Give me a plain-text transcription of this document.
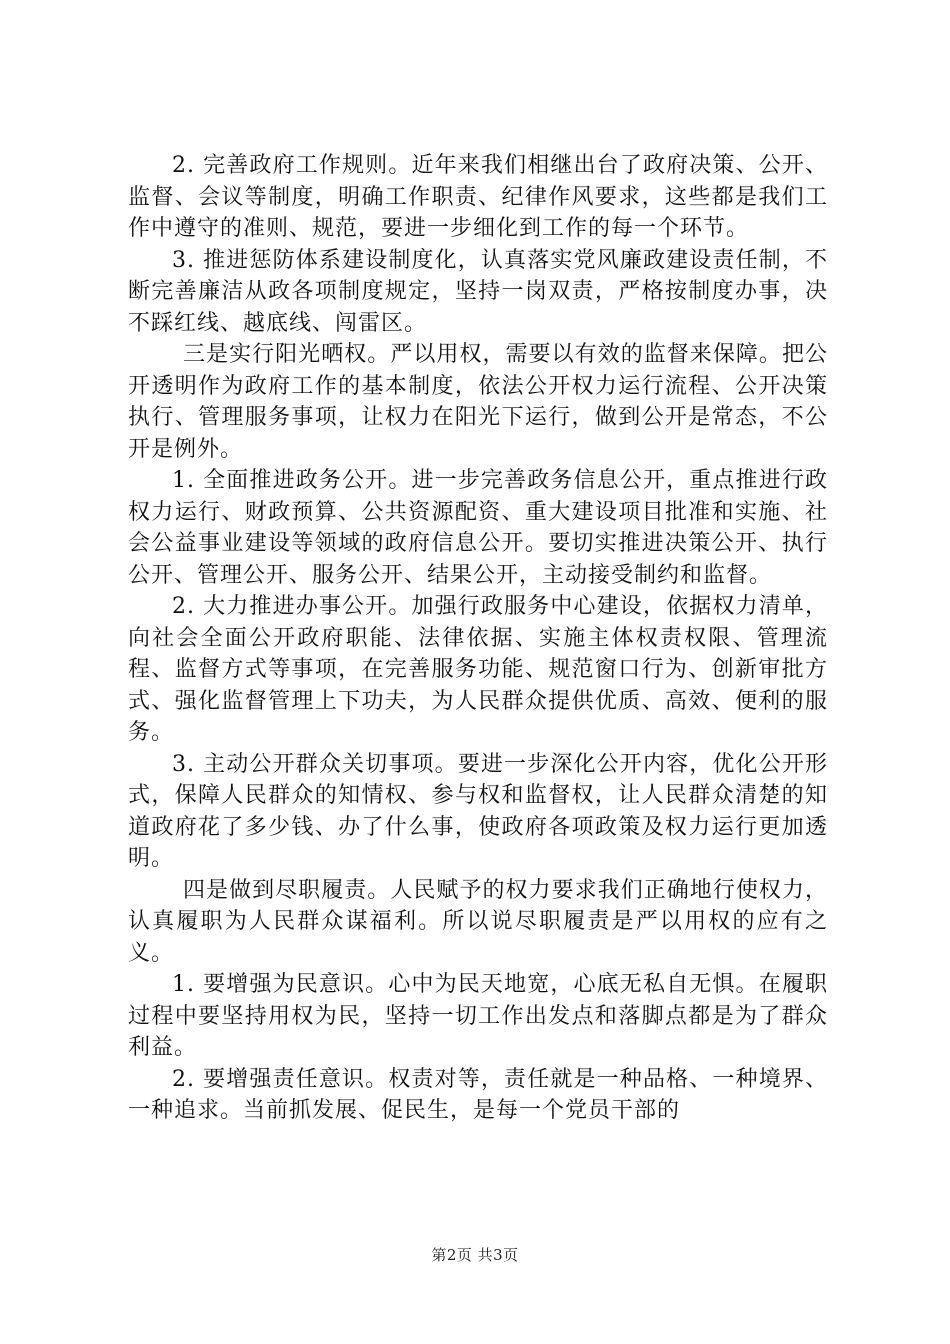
2. 完善政府工作规则。近年来我们相继出台了政府决策、公开、监督、会议等制度，明确工作职责、纪律作风要求，这些都是我们工作中遵守的准则、规范，要进一步细化到工作的每一个环节。

3. 推进惩防体系建设制度化，认真落实党风廉政建设责任制，不断完善廉洁从政各项制度规定，坚持一岗双责，严格按制度办事，决不踩红线、越底线、闯雷区。

三是实行阳光晒权。严以用权，需要以有效的监督来保障。把公开透明作为政府工作的基本制度，依法公开权力运行流程、公开决策执行、管理服务事项，让权力在阳光下运行，做到公开是常态，不公开是例外。

1. 全面推进政务公开。进一步完善政务信息公开，重点推进行政权力运行、财政预算、公共资源配资、重大建设项目批准和实施、社会公益事业建设等领域的政府信息公开。要切实推进决策公开、执行公开、管理公开、服务公开、结果公开，主动接受制约和监督。

2. 大力推进办事公开。加强行政服务中心建设，依据权力清单，向社会全面公开政府职能、法律依据、实施主体权责权限、管理流程、监督方式等事项，在完善服务功能、规范窗口行为、创新审批方式、强化监督管理上下功夫，为人民群众提供优质、高效、便利的服务。

3. 主动公开群众关切事项。要进一步深化公开内容，优化公开形式，保障人民群众的知情权、参与权和监督权，让人民群众清楚的知道政府花了多少钱、办了什么事，使政府各项政策及权力运行更加透明。

四是做到尽职履责。人民赋予的权力要求我们正确地行使权力，认真履职为人民群众谋福利。所以说尽职履责是严以用权的应有之义。

1. 要增强为民意识。心中为民天地宽，心底无私自无惧。在履职过程中要坚持用权为民，坚持一切工作出发点和落脚点都是为了群众利益。

2. 要增强责任意识。权责对等，责任就是一种品格、一种境界、一种追求。当前抓发展、促民生，是每一个党员干部的

第2页 共3页
